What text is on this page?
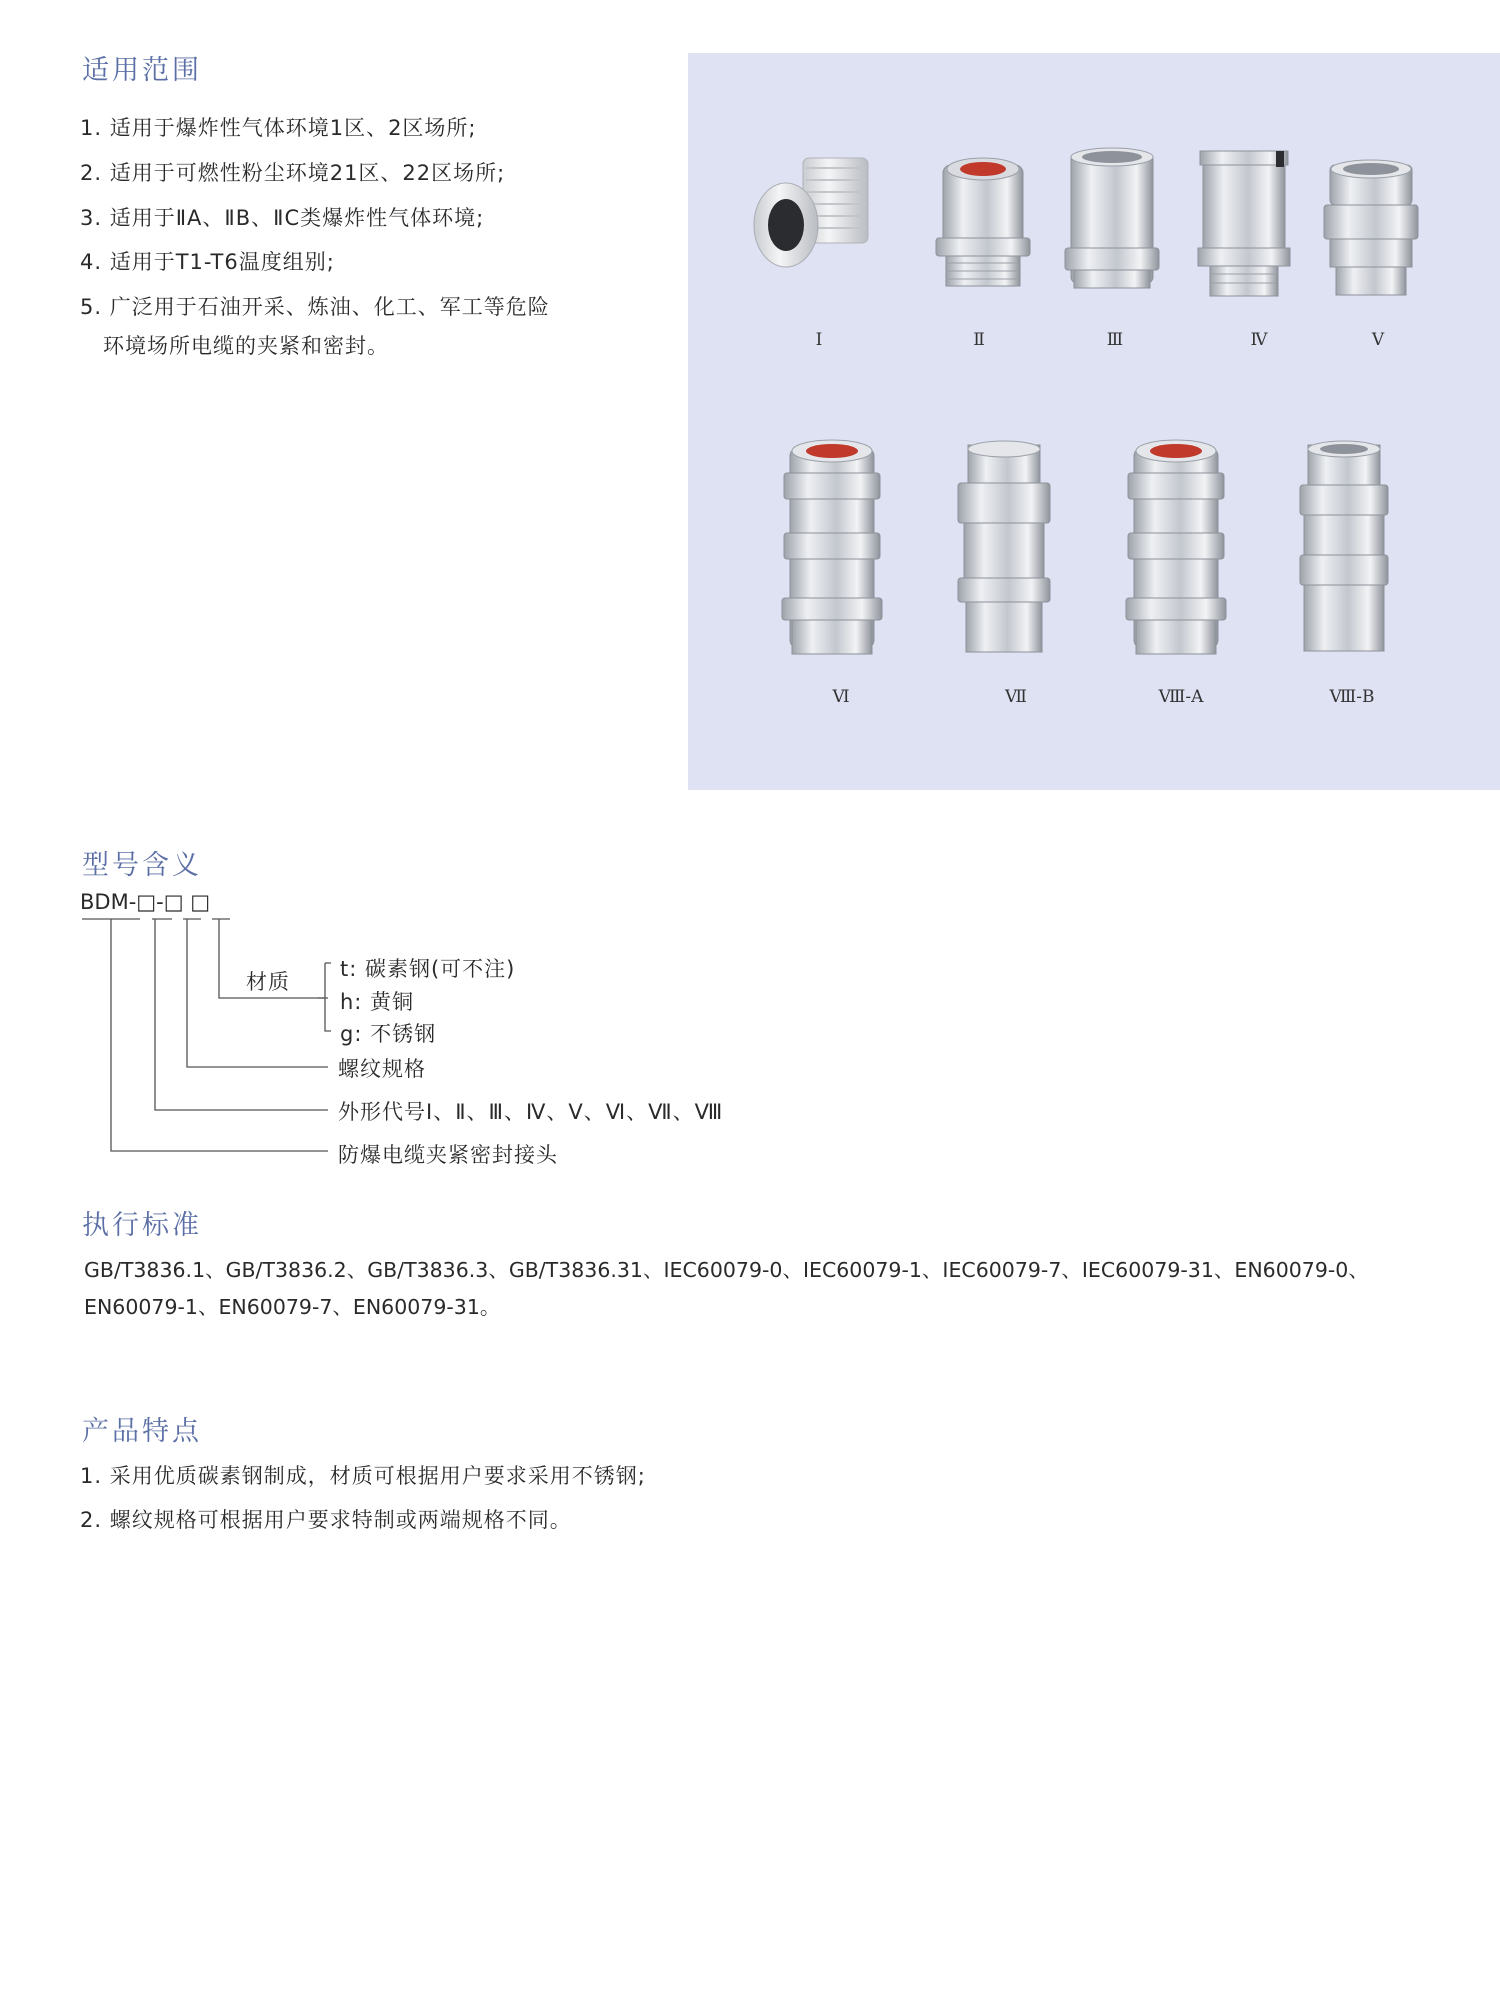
适用范围
1. 适用于爆炸性气体环境1区、2区场所;
2. 适用于可燃性粉尘环境21区、22区场所;
3. 适用于ⅡA、ⅡB、ⅡC类爆炸性气体环境;
4. 适用于T1-T6温度组别;
5. 广泛用于石油开采、炼油、化工、军工等危险
环境场所电缆的夹紧和密封。	Ⅰ	Ⅱ	Ⅲ	Ⅳ	Ⅴ
Ⅵ	Ⅶ	Ⅷ-A	Ⅷ-B
型号含义
BDM-□-□ □
材质
t: 碳素钢(可不注)
h: 黄铜
g: 不锈钢
螺纹规格
外形代号Ⅰ、Ⅱ、Ⅲ、Ⅳ、Ⅴ、Ⅵ、Ⅶ、Ⅷ
防爆电缆夹紧密封接头
执行标准
GB/T3836.1、GB/T3836.2、GB/T3836.3、GB/T3836.31、IEC60079-0、IEC60079-1、IEC60079-7、IEC60079-31、EN60079-0、
EN60079-1、EN60079-7、EN60079-31。
产品特点
1. 采用优质碳素钢制成，材质可根据用户要求采用不锈钢;
2. 螺纹规格可根据用户要求特制或两端规格不同。
